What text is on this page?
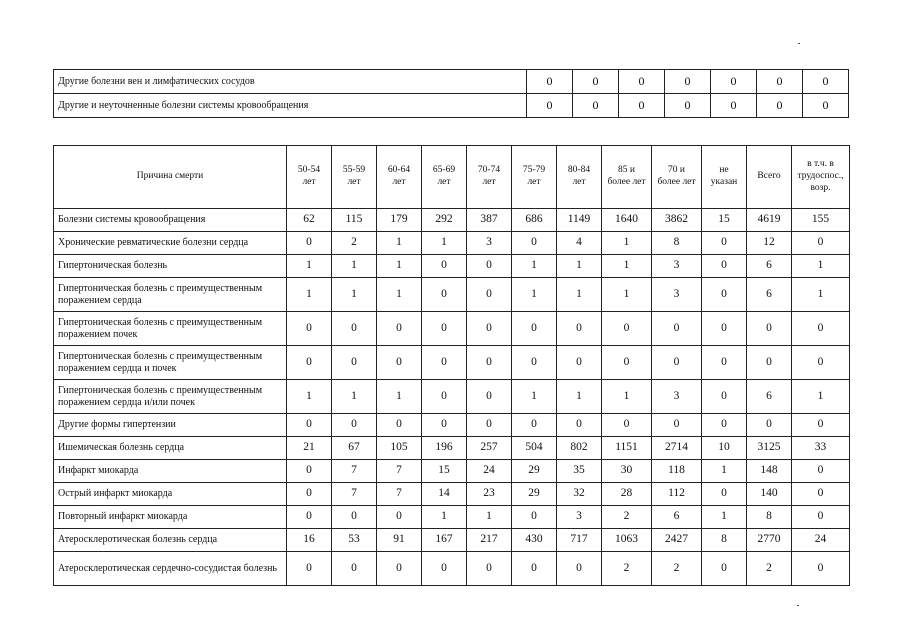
Другие болезни вен и лимфатических сосудов	0	0	0	0	0	0	0
Другие и неуточненные болезни системы кровообращения	0	0	0	0	0	0	0
Причина смерти	50-54 лет	55-59 лет	60-64 лет	65-69 лет	70-74 лет	75-79 лет	80-84 лет	85 и более лет	70 и более лет	не указан	Всего	в т.ч. в трудоспос., возр.
Болезни системы кровообращения	62	115	179	292	387	686	1149	1640	3862	15	4619	155
Хронические ревматические болезни сердца	0	2	1	1	3	0	4	1	8	0	12	0
Гипертоническая болезнь	1	1	1	0	0	1	1	1	3	0	6	1
Гипертоническая болезнь с преимущественным поражением сердца	1	1	1	0	0	1	1	1	3	0	6	1
Гипертоническая болезнь с преимущественным поражением почек	0	0	0	0	0	0	0	0	0	0	0	0
Гипертоническая болезнь с преимущественным поражением сердца и почек	0	0	0	0	0	0	0	0	0	0	0	0
Гипертоническая болезнь с преимущественным поражением сердца и/или почек	1	1	1	0	0	1	1	1	3	0	6	1
Другие формы гипертензии	0	0	0	0	0	0	0	0	0	0	0	0
Ишемическая болезнь сердца	21	67	105	196	257	504	802	1151	2714	10	3125	33
Инфаркт миокарда	0	7	7	15	24	29	35	30	118	1	148	0
Острый инфаркт миокарда	0	7	7	14	23	29	32	28	112	0	140	0
Повторный инфаркт миокарда	0	0	0	1	1	0	3	2	6	1	8	0
Атеросклеротическая болезнь сердца	16	53	91	167	217	430	717	1063	2427	8	2770	24
Атеросклеротическая сердечно-сосудистая болезнь	0	0	0	0	0	0	0	2	2	0	2	0
